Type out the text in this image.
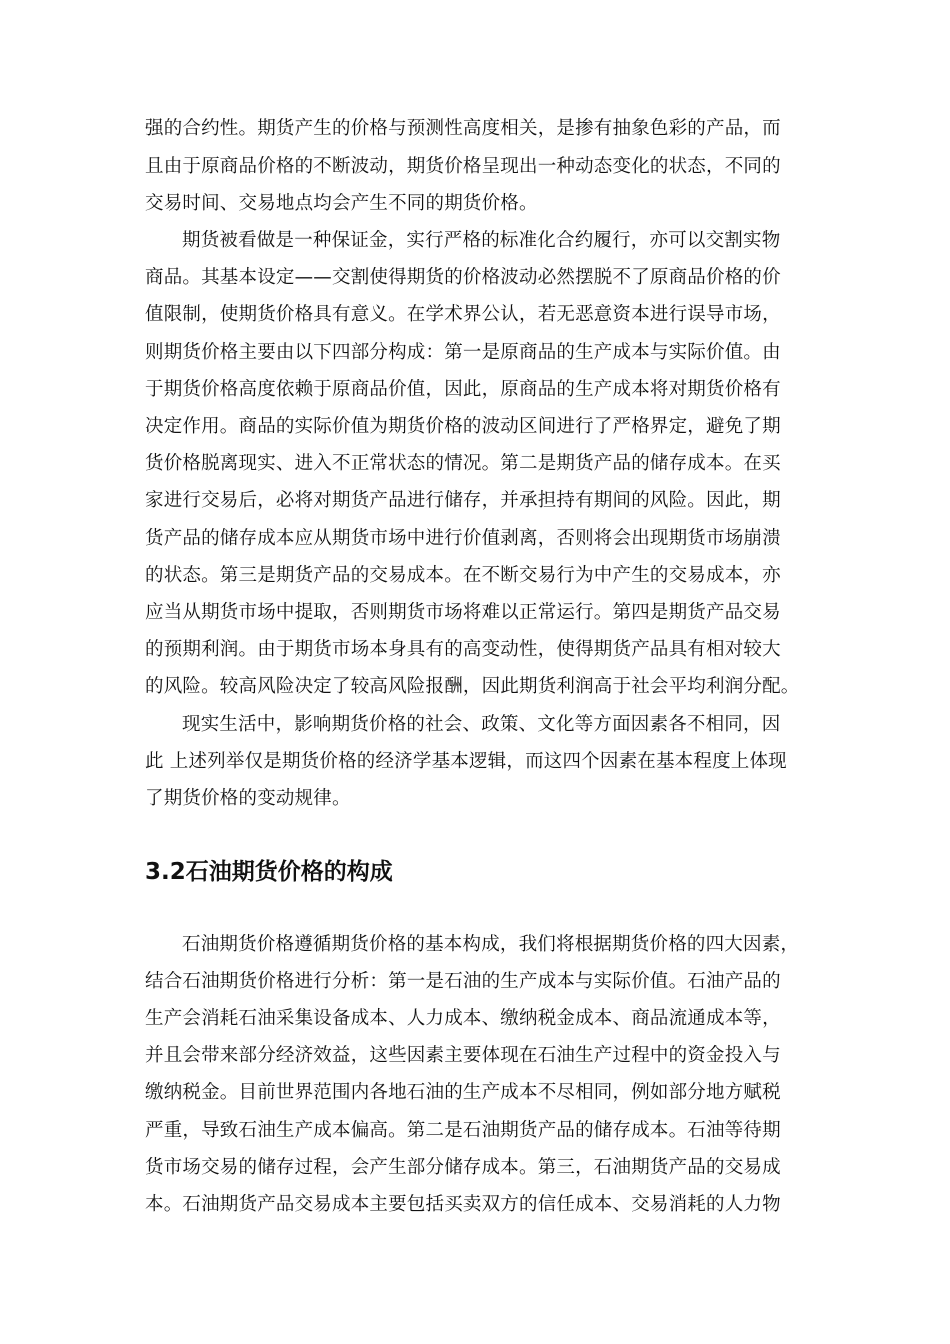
强的合约性。期货产生的价格与预测性高度相关，是掺有抽象色彩的产品，而
且由于原商品价格的不断波动，期货价格呈现出一种动态变化的状态，不同的
交易时间、交易地点均会产生不同的期货价格。
期货被看做是一种保证金，实行严格的标准化合约履行，亦可以交割实物
商品。其基本设定——交割使得期货的价格波动必然摆脱不了原商品价格的价
值限制，使期货价格具有意义。在学术界公认，若无恶意资本进行误导市场，
则期货价格主要由以下四部分构成：第一是原商品的生产成本与实际价值。由
于期货价格高度依赖于原商品价值，因此，原商品的生产成本将对期货价格有
决定作用。商品的实际价值为期货价格的波动区间进行了严格界定，避免了期
货价格脱离现实、进入不正常状态的情况。第二是期货产品的储存成本。在买
家进行交易后，必将对期货产品进行储存，并承担持有期间的风险。因此，期
货产品的储存成本应从期货市场中进行价值剥离，否则将会出现期货市场崩溃
的状态。第三是期货产品的交易成本。在不断交易行为中产生的交易成本，亦
应当从期货市场中提取，否则期货市场将难以正常运行。第四是期货产品交易
的预期利润。由于期货市场本身具有的高变动性，使得期货产品具有相对较大
的风险。较高风险决定了较高风险报酬，因此期货利润高于社会平均利润分配。
现实生活中，影响期货价格的社会、政策、文化等方面因素各不相同，因
此 上述列举仅是期货价格的经济学基本逻辑，而这四个因素在基本程度上体现
了期货价格的变动规律。
3.2石油期货价格的构成
石油期货价格遵循期货价格的基本构成，我们将根据期货价格的四大因素，
结合石油期货价格进行分析：第一是石油的生产成本与实际价值。石油产品的
生产会消耗石油采集设备成本、人力成本、缴纳税金成本、商品流通成本等，
并且会带来部分经济效益，这些因素主要体现在石油生产过程中的资金投入与
缴纳税金。目前世界范围内各地石油的生产成本不尽相同，例如部分地方赋税
严重，导致石油生产成本偏高。第二是石油期货产品的储存成本。石油等待期
货市场交易的储存过程，会产生部分储存成本。第三，石油期货产品的交易成
本。石油期货产品交易成本主要包括买卖双方的信任成本、交易消耗的人力物
